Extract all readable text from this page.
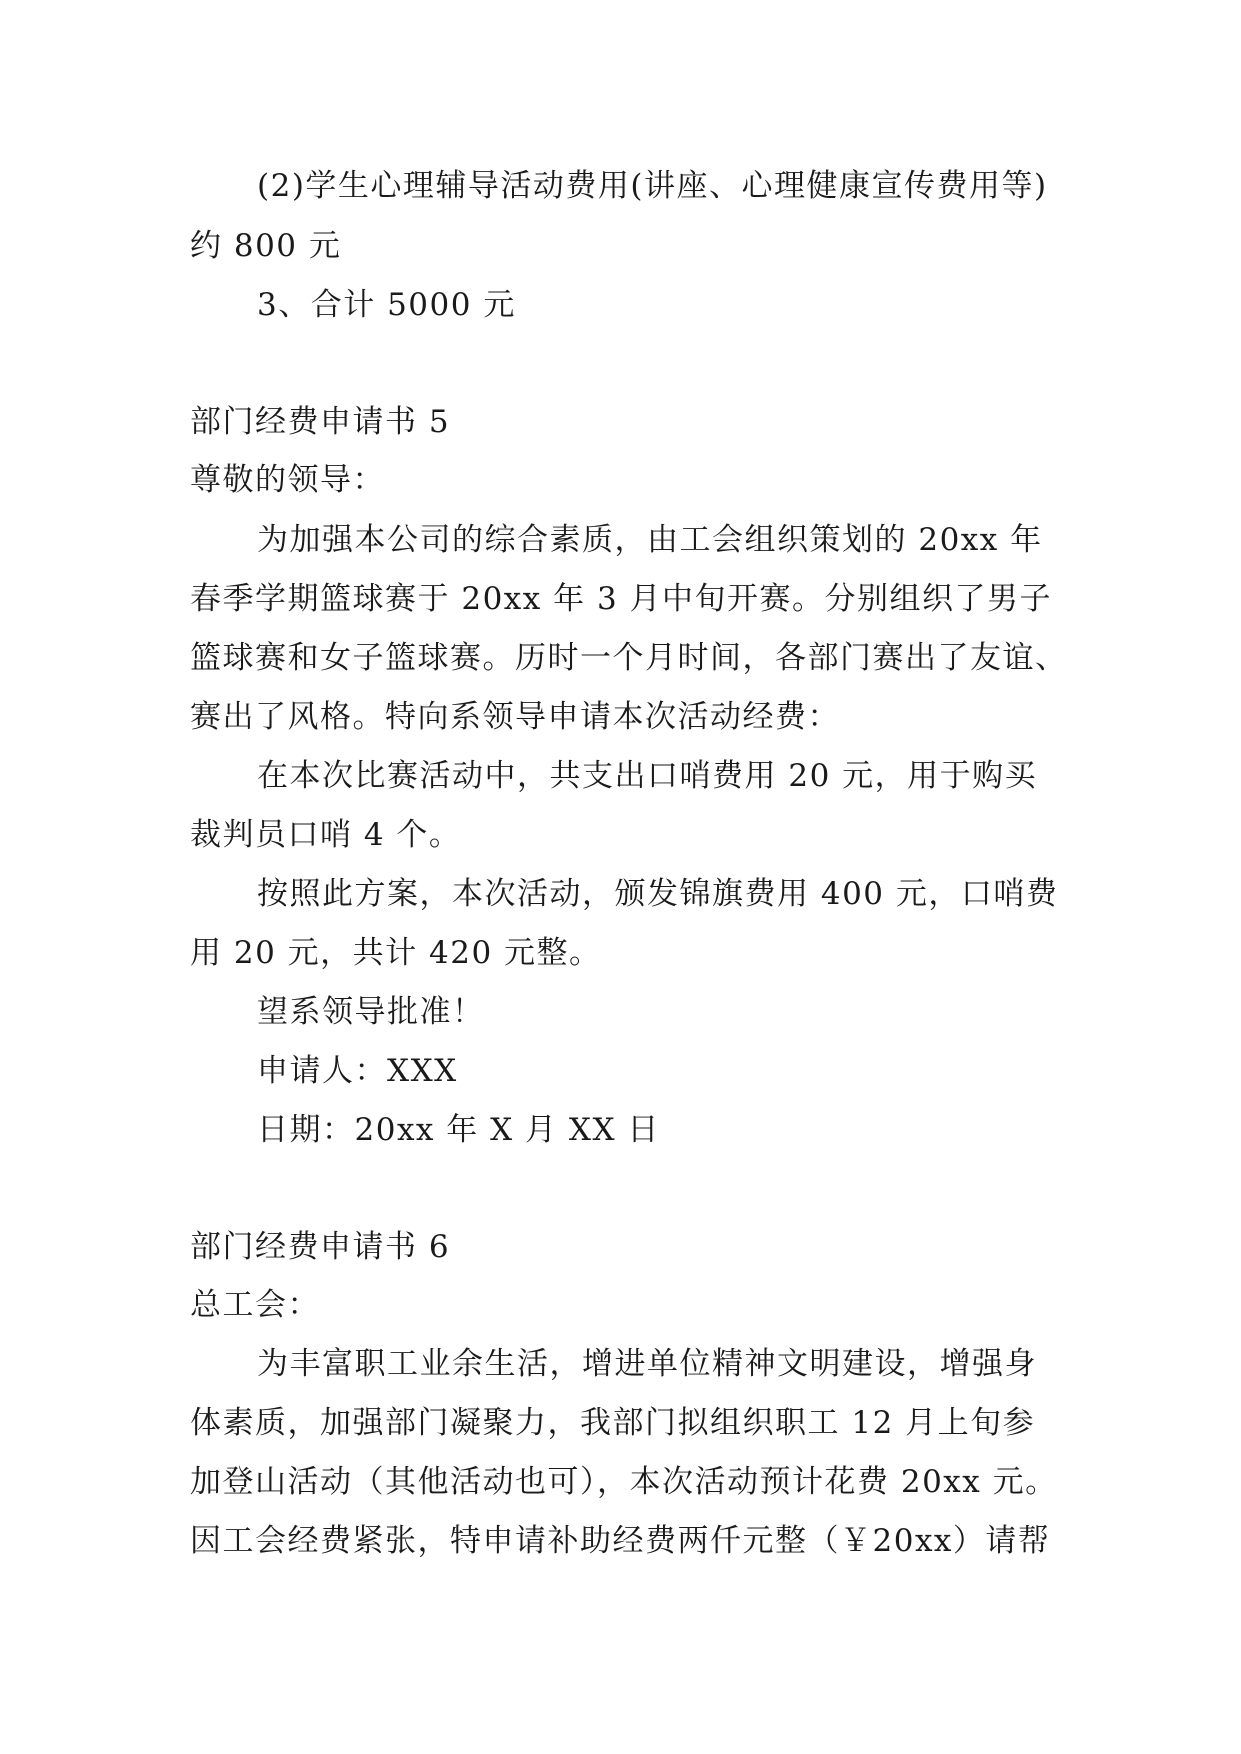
(2)学生心理辅导活动费用(讲座、心理健康宣传费用等)
约 800 元
3、合计 5000 元
部门经费申请书 5
尊敬的领导：
为加强本公司的综合素质，由工会组织策划的 20xx 年
春季学期篮球赛于 20xx 年 3 月中旬开赛。分别组织了男子
篮球赛和女子篮球赛。历时一个月时间，各部门赛出了友谊、
赛出了风格。特向系领导申请本次活动经费：
在本次比赛活动中，共支出口哨费用 20 元，用于购买
裁判员口哨 4 个。
按照此方案，本次活动，颁发锦旗费用 400 元，口哨费
用 20 元，共计 420 元整。
望系领导批准！
申请人：XXX
日期：20xx 年 X 月 XX 日
部门经费申请书 6
总工会：
为丰富职工业余生活，增进单位精神文明建设，增强身
体素质，加强部门凝聚力，我部门拟组织职工 12 月上旬参
加登山活动（其他活动也可），本次活动预计花费 20xx 元。
因工会经费紧张，特申请补助经费两仟元整（￥20xx）请帮
